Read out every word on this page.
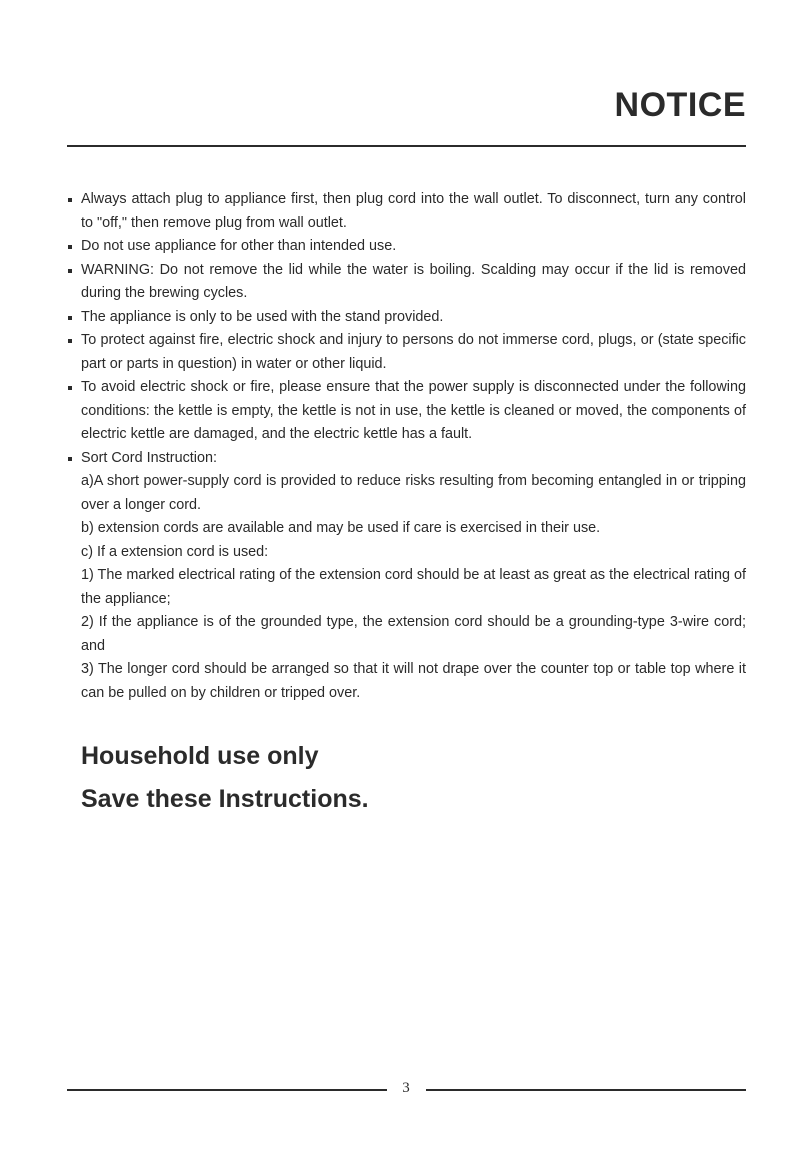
NOTICE
Always attach plug to appliance first, then plug cord into the wall outlet. To disconnect, turn any control to "off," then remove plug from wall outlet.
Do not use appliance for other than intended use.
WARNING: Do not remove the lid while the water is boiling. Scalding may occur if the lid is removed during the brewing cycles.
The appliance is only to be used with the stand provided.
To protect against fire, electric shock and injury to persons do not immerse cord, plugs, or (state specific part or parts in question) in water or other liquid.
To avoid electric shock or fire, please ensure that the power supply is disconnected under the following conditions: the kettle is empty, the kettle is not in use, the kettle is cleaned or moved, the components of electric kettle are damaged, and the electric kettle has a fault.
Sort Cord Instruction:
a)A short power-supply cord is provided to reduce risks resulting from becoming entangled in or tripping over a longer cord.
b) extension cords are available and may be used if care is exercised in their use.
c) If a extension cord is used:
1) The marked electrical rating of the extension cord should be at least as great as the electrical rating of the appliance;
2) If the appliance is of the grounded type, the extension cord should be a grounding-type 3-wire cord; and
3) The longer cord should be arranged so that it will not drape over the counter top or table top where it can be pulled on by children or tripped over.
Household use only
Save these Instructions.
3
